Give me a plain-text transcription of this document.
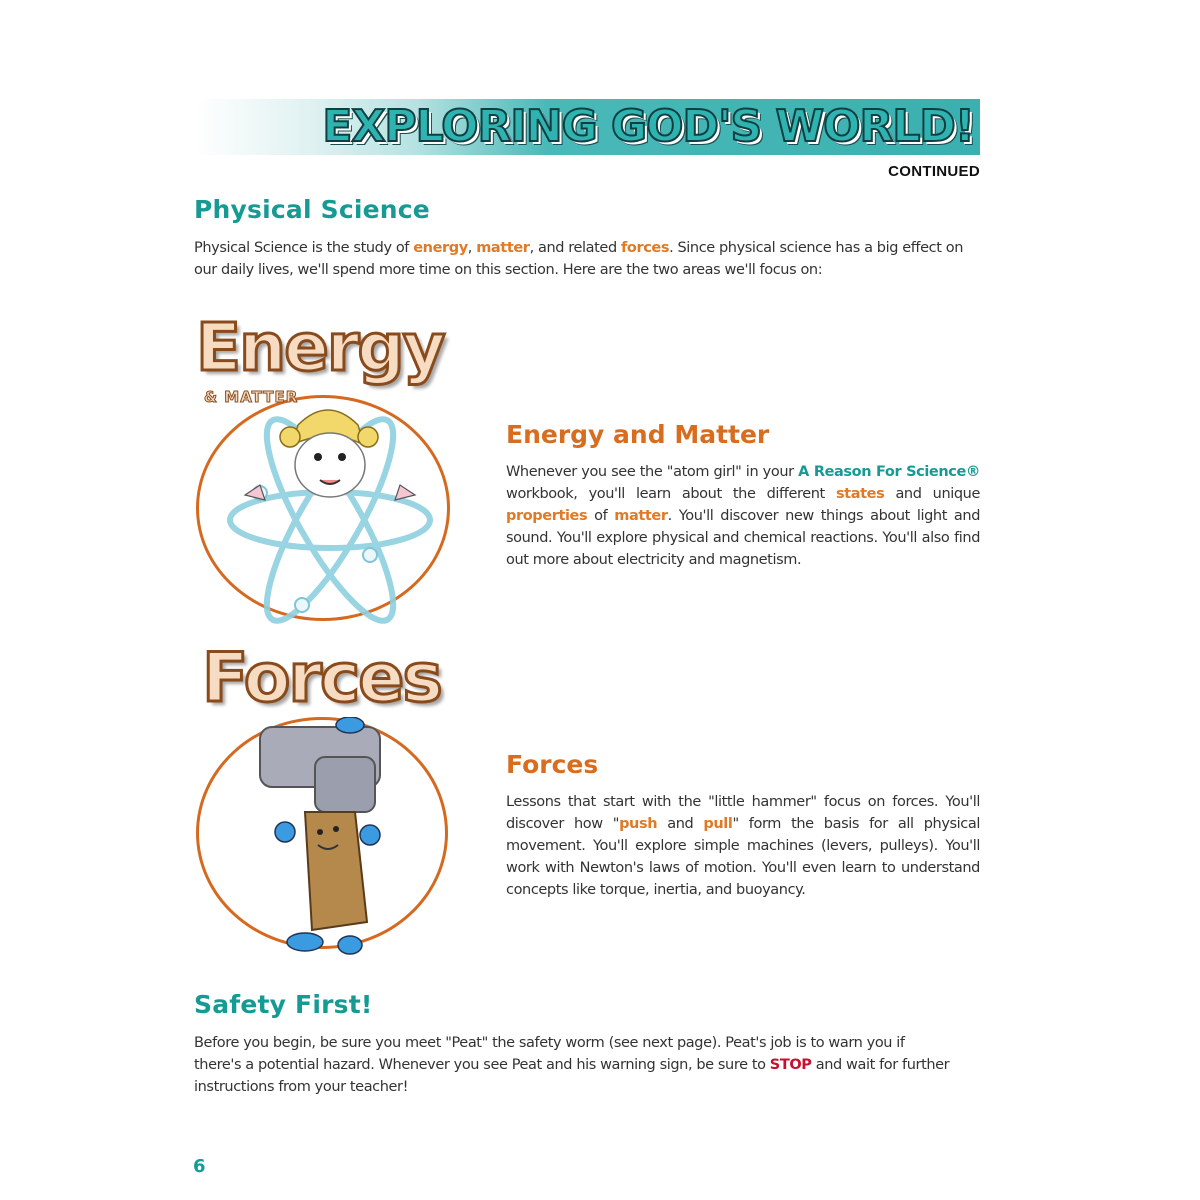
EXPLORING GOD'S WORLD!
CONTINUED
Physical Science
Physical Science is the study of energy, matter, and related forces. Since physical science has a big effect on our daily lives, we'll spend more time on this section. Here are the two areas we'll focus on:
Energy
& MATTER
Energy and Matter
Whenever you see the "atom girl" in your A Reason For Science® workbook, you'll learn about the different states and unique properties of matter. You'll discover new things about light and sound. You'll explore physical and chemical reactions. You'll also find out more about electricity and magnetism.
Forces
Forces
Lessons that start with the "little hammer" focus on forces. You'll discover how "push and pull" form the basis for all physical movement. You'll explore simple machines (levers, pulleys). You'll work with Newton's laws of motion. You'll even learn to understand concepts like torque, inertia, and buoyancy.
Safety First!
Before you begin, be sure you meet "Peat" the safety worm (see next page). Peat's job is to warn you if there's a potential hazard. Whenever you see Peat and his warning sign, be sure to STOP and wait for further instructions from your teacher!
6
